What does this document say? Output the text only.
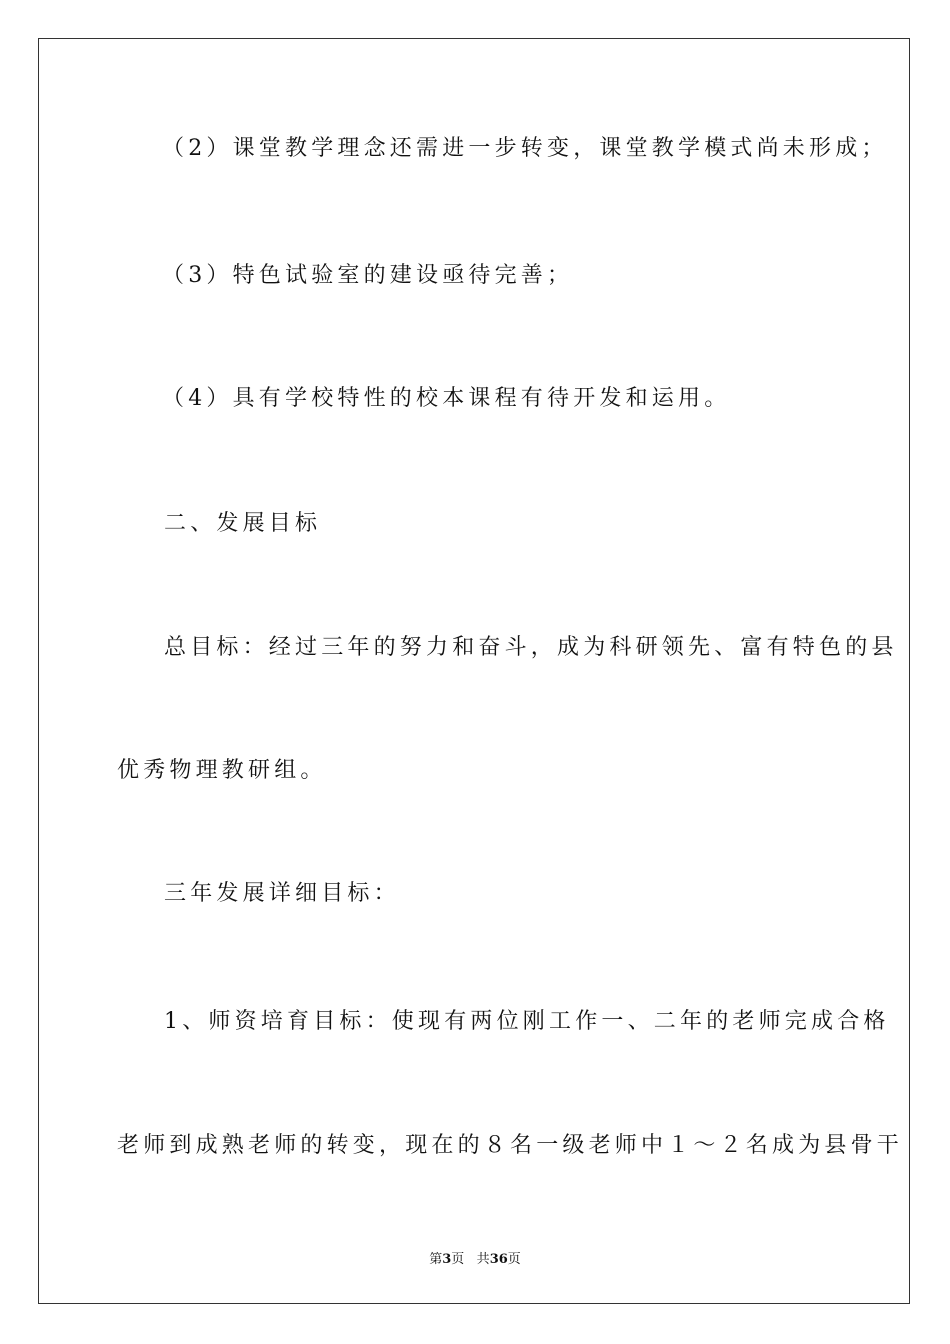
（2）课堂教学理念还需进一步转变，课堂教学模式尚未形成；
（3）特色试验室的建设亟待完善；
（4）具有学校特性的校本课程有待开发和运用。
二、发展目标
总目标：经过三年的努力和奋斗，成为科研领先、富有特色的县
优秀物理教研组。
三年发展详细目标：
1、师资培育目标：使现有两位刚工作一、二年的老师完成合格
老师到成熟老师的转变，现在的８名一级老师中１～２名成为县骨干
第3页 共36页
